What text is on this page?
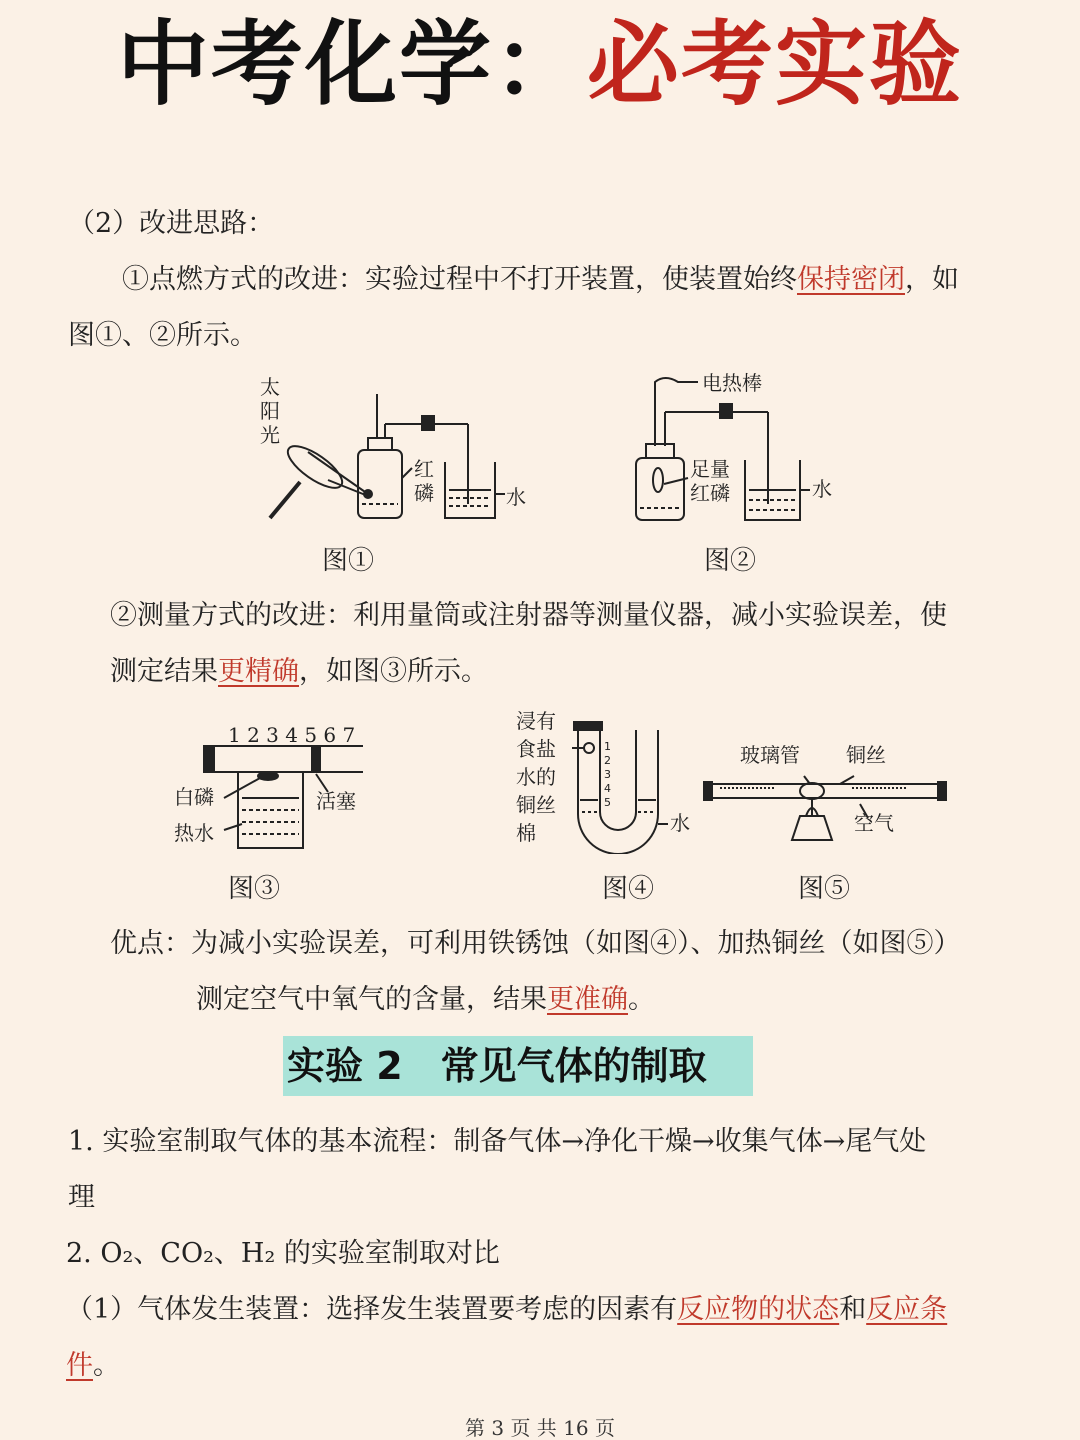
中考化学：必考实验
（2）改进思路：
①点燃方式的改进：实验过程中不打开装置，使装置始终保持密闭，如
图①、②所示。
太
阳
光
红
磷	水
图①
电热棒
足量
红磷	水
图②
②测量方式的改进：利用量筒或注射器等测量仪器，减小实验误差，使
测定结果更精确，如图③所示。
1 2 3 4 5 6 7
白磷
热水
活塞
图③
1
2
3
4
5
浸有
食盐
水的
铜丝
棉	水
图④
玻璃管 铜丝
空气
图⑤
优点：为减小实验误差，可利用铁锈蚀（如图④）、加热铜丝（如图⑤）
测定空气中氧气的含量，结果更准确。
实验 2　常见气体的制取
1. 实验室制取气体的基本流程：制备气体→净化干燥→收集气体→尾气处
理
2. O₂、CO₂、H₂ 的实验室制取对比
（1）气体发生装置：选择发生装置要考虑的因素有反应物的状态和反应条
件。
第 3 页 共 16 页
